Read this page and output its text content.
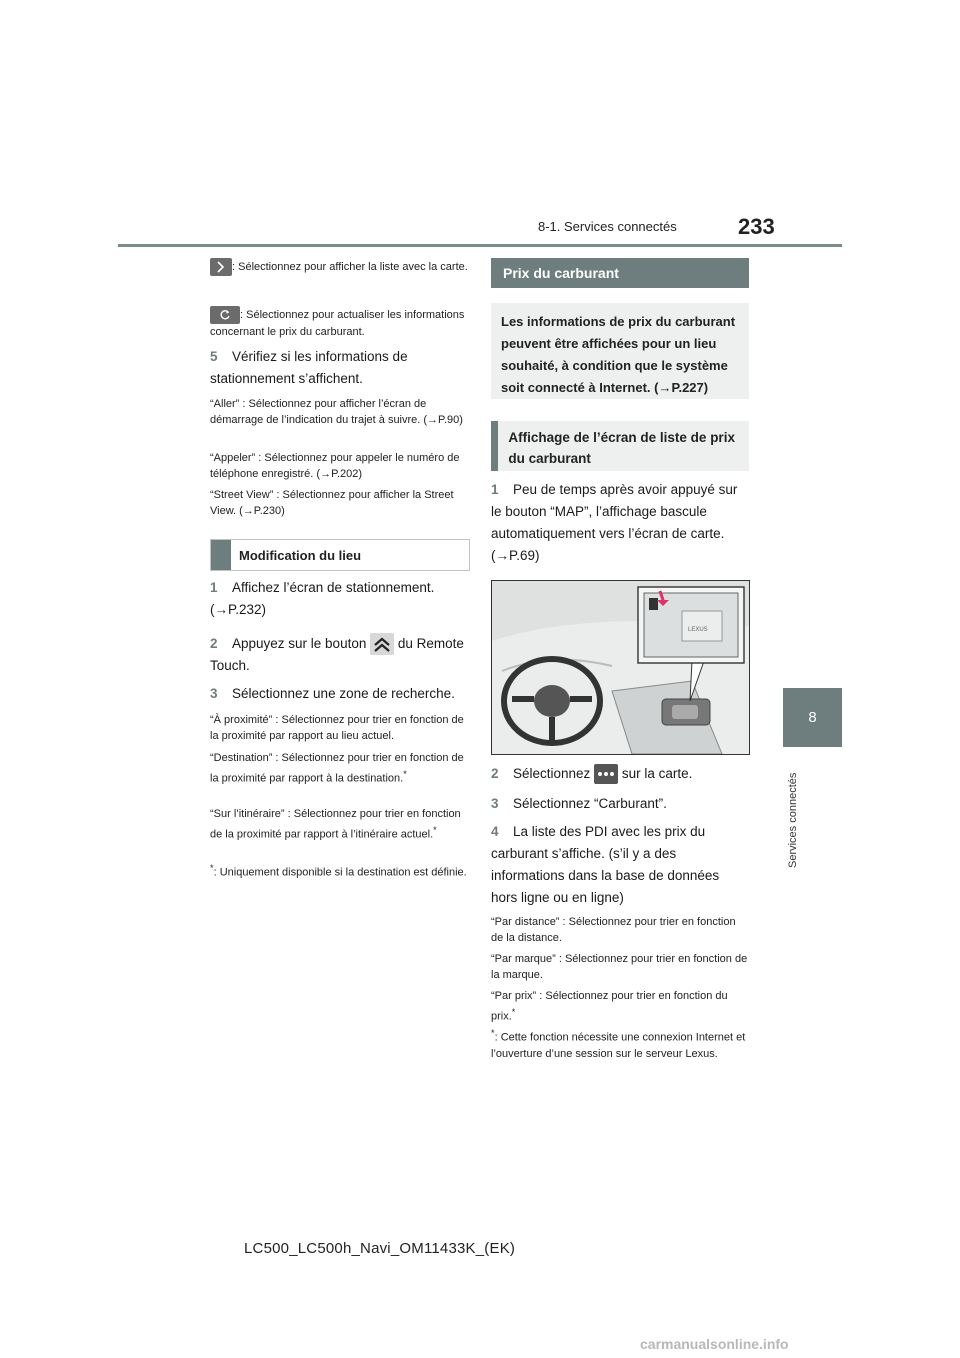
8-1. Services connectés	233
8
Services connectés
: Sélectionnez pour afficher la liste avec la carte.
: Sélectionnez pour actualiser les informations concernant le prix du carburant.
5 Vérifiez si les informations de stationnement s’affichent.
“Aller” : Sélectionnez pour afficher l’écran de démarrage de l’indication du trajet à suivre. (→P.90)
“Appeler” : Sélectionnez pour appeler le numéro de téléphone enregistré. (→P.202)
“Street View” : Sélectionnez pour afficher la Street View. (→P.230)
Modification du lieu
1 Affichez l’écran de stationnement. (→P.232)
2 Appuyez sur le bouton du Remote Touch.
3 Sélectionnez une zone de recherche.
“À proximité” : Sélectionnez pour trier en fonction de la proximité par rapport au lieu actuel.
“Destination” : Sélectionnez pour trier en fonction de la proximité par rapport à la destination.*
“Sur l’itinéraire” : Sélectionnez pour trier en fonction de la proximité par rapport à l’itinéraire actuel.*
*: Uniquement disponible si la destination est définie.
Prix du carburant
Les informations de prix du carburant peuvent être affichées pour un lieu souhaité, à condition que le système soit connecté à Internet. (→P.227)
Affichage de l’écran de liste de prix du carburant
1 Peu de temps après avoir appuyé sur le bouton “MAP”, l’affichage bascule automatiquement vers l’écran de carte. (→P.69)
LEXUS
2 Sélectionnez sur la carte.
3 Sélectionnez “Carburant”.
4 La liste des PDI avec les prix du carburant s’affiche. (s’il y a des informations dans la base de données hors ligne ou en ligne)
“Par distance” : Sélectionnez pour trier en fonction de la distance.
“Par marque” : Sélectionnez pour trier en fonction de la marque.
“Par prix” : Sélectionnez pour trier en fonction du prix.*
*: Cette fonction nécessite une connexion Internet et l’ouverture d’une session sur le serveur Lexus.
LC500_LC500h_Navi_OM11433K_(EK)
carmanualsonline.info
